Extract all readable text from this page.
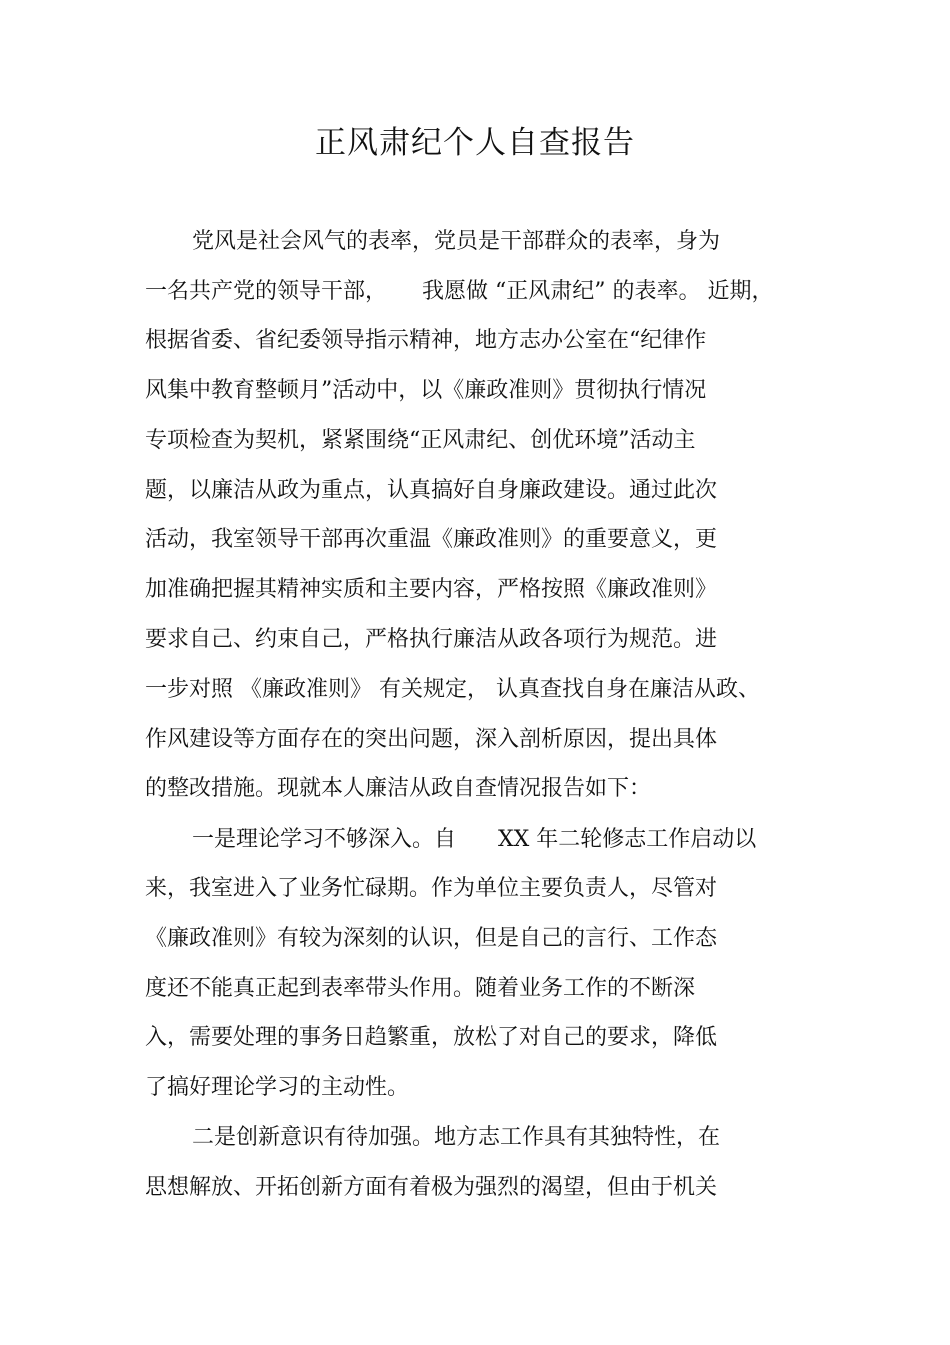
正风肃纪个人自查报告
党风是社会风气的表率，党员是干部群众的表率，身为
一名共产党的领导干部，     我愿做 “正风肃纪” 的表率。 近期，
根据省委、省纪委领导指示精神，地方志办公室在“纪律作
风集中教育整顿月”活动中，以《廉政准则》贯彻执行情况
专项检查为契机，紧紧围绕“正风肃纪、创优环境”活动主
题，以廉洁从政为重点，认真搞好自身廉政建设。通过此次
活动，我室领导干部再次重温《廉政准则》的重要意义，更
加准确把握其精神实质和主要内容，严格按照《廉政准则》
要求自己、约束自己，严格执行廉洁从政各项行为规范。进
一步对照 《廉政准则》 有关规定， 认真查找自身在廉洁从政、
作风建设等方面存在的突出问题，深入剖析原因，提出具体
的整改措施。现就本人廉洁从政自查情况报告如下：
一是理论学习不够深入。自      XX 年二轮修志工作启动以
来，我室进入了业务忙碌期。作为单位主要负责人，尽管对
《廉政准则》有较为深刻的认识，但是自己的言行、工作态
度还不能真正起到表率带头作用。随着业务工作的不断深
入，需要处理的事务日趋繁重，放松了对自己的要求，降低
了搞好理论学习的主动性。
二是创新意识有待加强。地方志工作具有其独特性，在
思想解放、开拓创新方面有着极为强烈的渴望，但由于机关
